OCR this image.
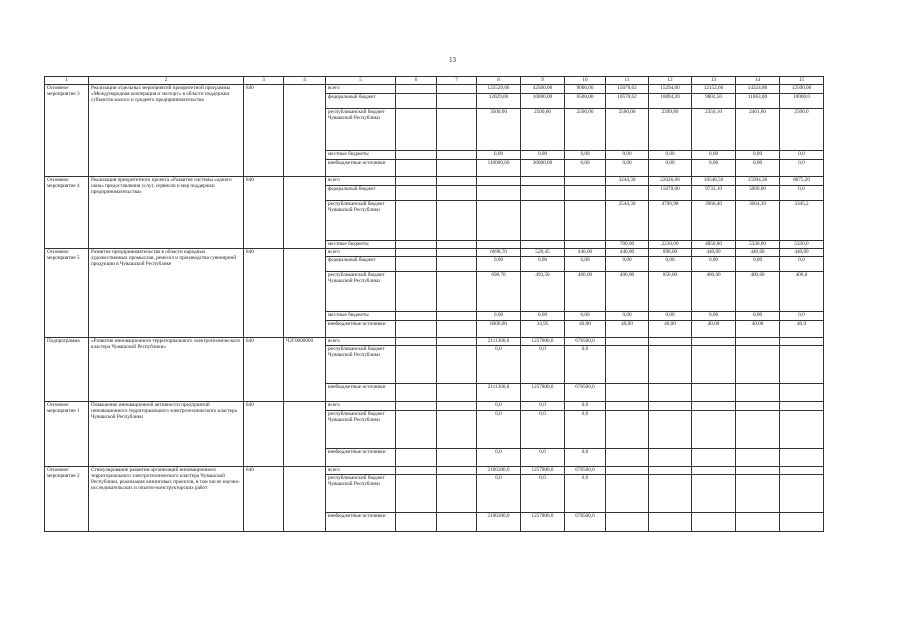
13
1	2	3	4	5	6	7	8	9	10	11	12	13	14	15
Основное мероприятие 3	Реализация отдельных мероприятий приоритетной программы «Международная кооперация и экспорт» в области поддержки субъектов малого и среднего предпринимательства	840		всего			125529,06	42500,00	9000,00	15070,62	15294,00	12152,60	14324,80	12500,00
				федеральный бюджет			12029,06	10000,00	6500,00	10570,62	10894,20	9802,50	11863,00	10000,0
				республиканский бюджет Чувашской Республики			3500,00	2500,00	2500,00	2500,00	2399,80	2350,10	2461,60	2500,0
				местные бюджеты			0,00	0,00	0,00	0,00	0,00	0,00	0,00	0,0
				внебюджетные источники			110000,00	30000,00	0,00	0,00	0,00	0,00	0,00	0,0
Основное мероприятие 4	Реализация приоритетного проекта «Развитие системы «одного окна» предоставления услуг, сервисов и мер поддержки предпринимательства»	840		всего						3244,30	22026,68	18548,50	15994,30	8675,20
				федеральный бюджет							15070,00	9732,10	5000,00	0,0
				республиканский бюджет Чувашской Республики						2544,30	4796,98	3966,40	3664,30	3345,2
				местные бюджеты						700,00	2230,00	4850,00	5330,00	5330,0
Основное мероприятие 5	Развитие предпринимательства в области народных художественных промыслов, ремесел и производства сувенирной продукции в Чувашской Республике	840		всего			6698,70	528,45	440,00	440,00	890,00	440,00	440,00	440,00
				федеральный бюджет			0,00	0,00	0,00	0,00	0,00	0,00	0,00	0,0
				республиканский бюджет Чувашской Республики			698,70	493,50	400,00	400,00	850,00	400,00	400,00	400,0
				местные бюджеты			0,00	0,00	0,00	0,00	0,00	0,00	0,00	0,0
				внебюджетные источники			6000,00	34,95	40,00	40,00	40,00	40,00	40,00	40,0
Подпрограмма	«Развитие инновационного территориального электротехнического кластера Чувашской Республики»	840	Ч2Г0000000	всего			2111300,0	1257800,0	676500,0					
				республиканский бюджет Чувашской Республики			0,0	0,0	0,0					
				внебюджетные источники			2111300,0	1257800,0	676500,0					
Основное мероприятие 1	Повышение инновационной активности предприятий инновационного территориального электротехнического кластера Чувашской Республики	840		всего			0,0	0,0	0,0					
				республиканский бюджет Чувашской Республики			0,0	0,0	0,0					
				внебюджетные источники			0,0	0,0	0,0					
Основное мероприятие 2	Стимулирование развития организаций инновационного территориального электротехнического кластера Чувашской Республики, реализация лизинговых проектов, в том числе научно-исследовательских и опытно-конструкторских работ	840		всего			2106300,0	1257800,0	676500,0					
				республиканский бюджет Чувашской Республики			0,0	0,0	0,0					
				внебюджетные источники			2106300,0	1257800,0	676500,0					
